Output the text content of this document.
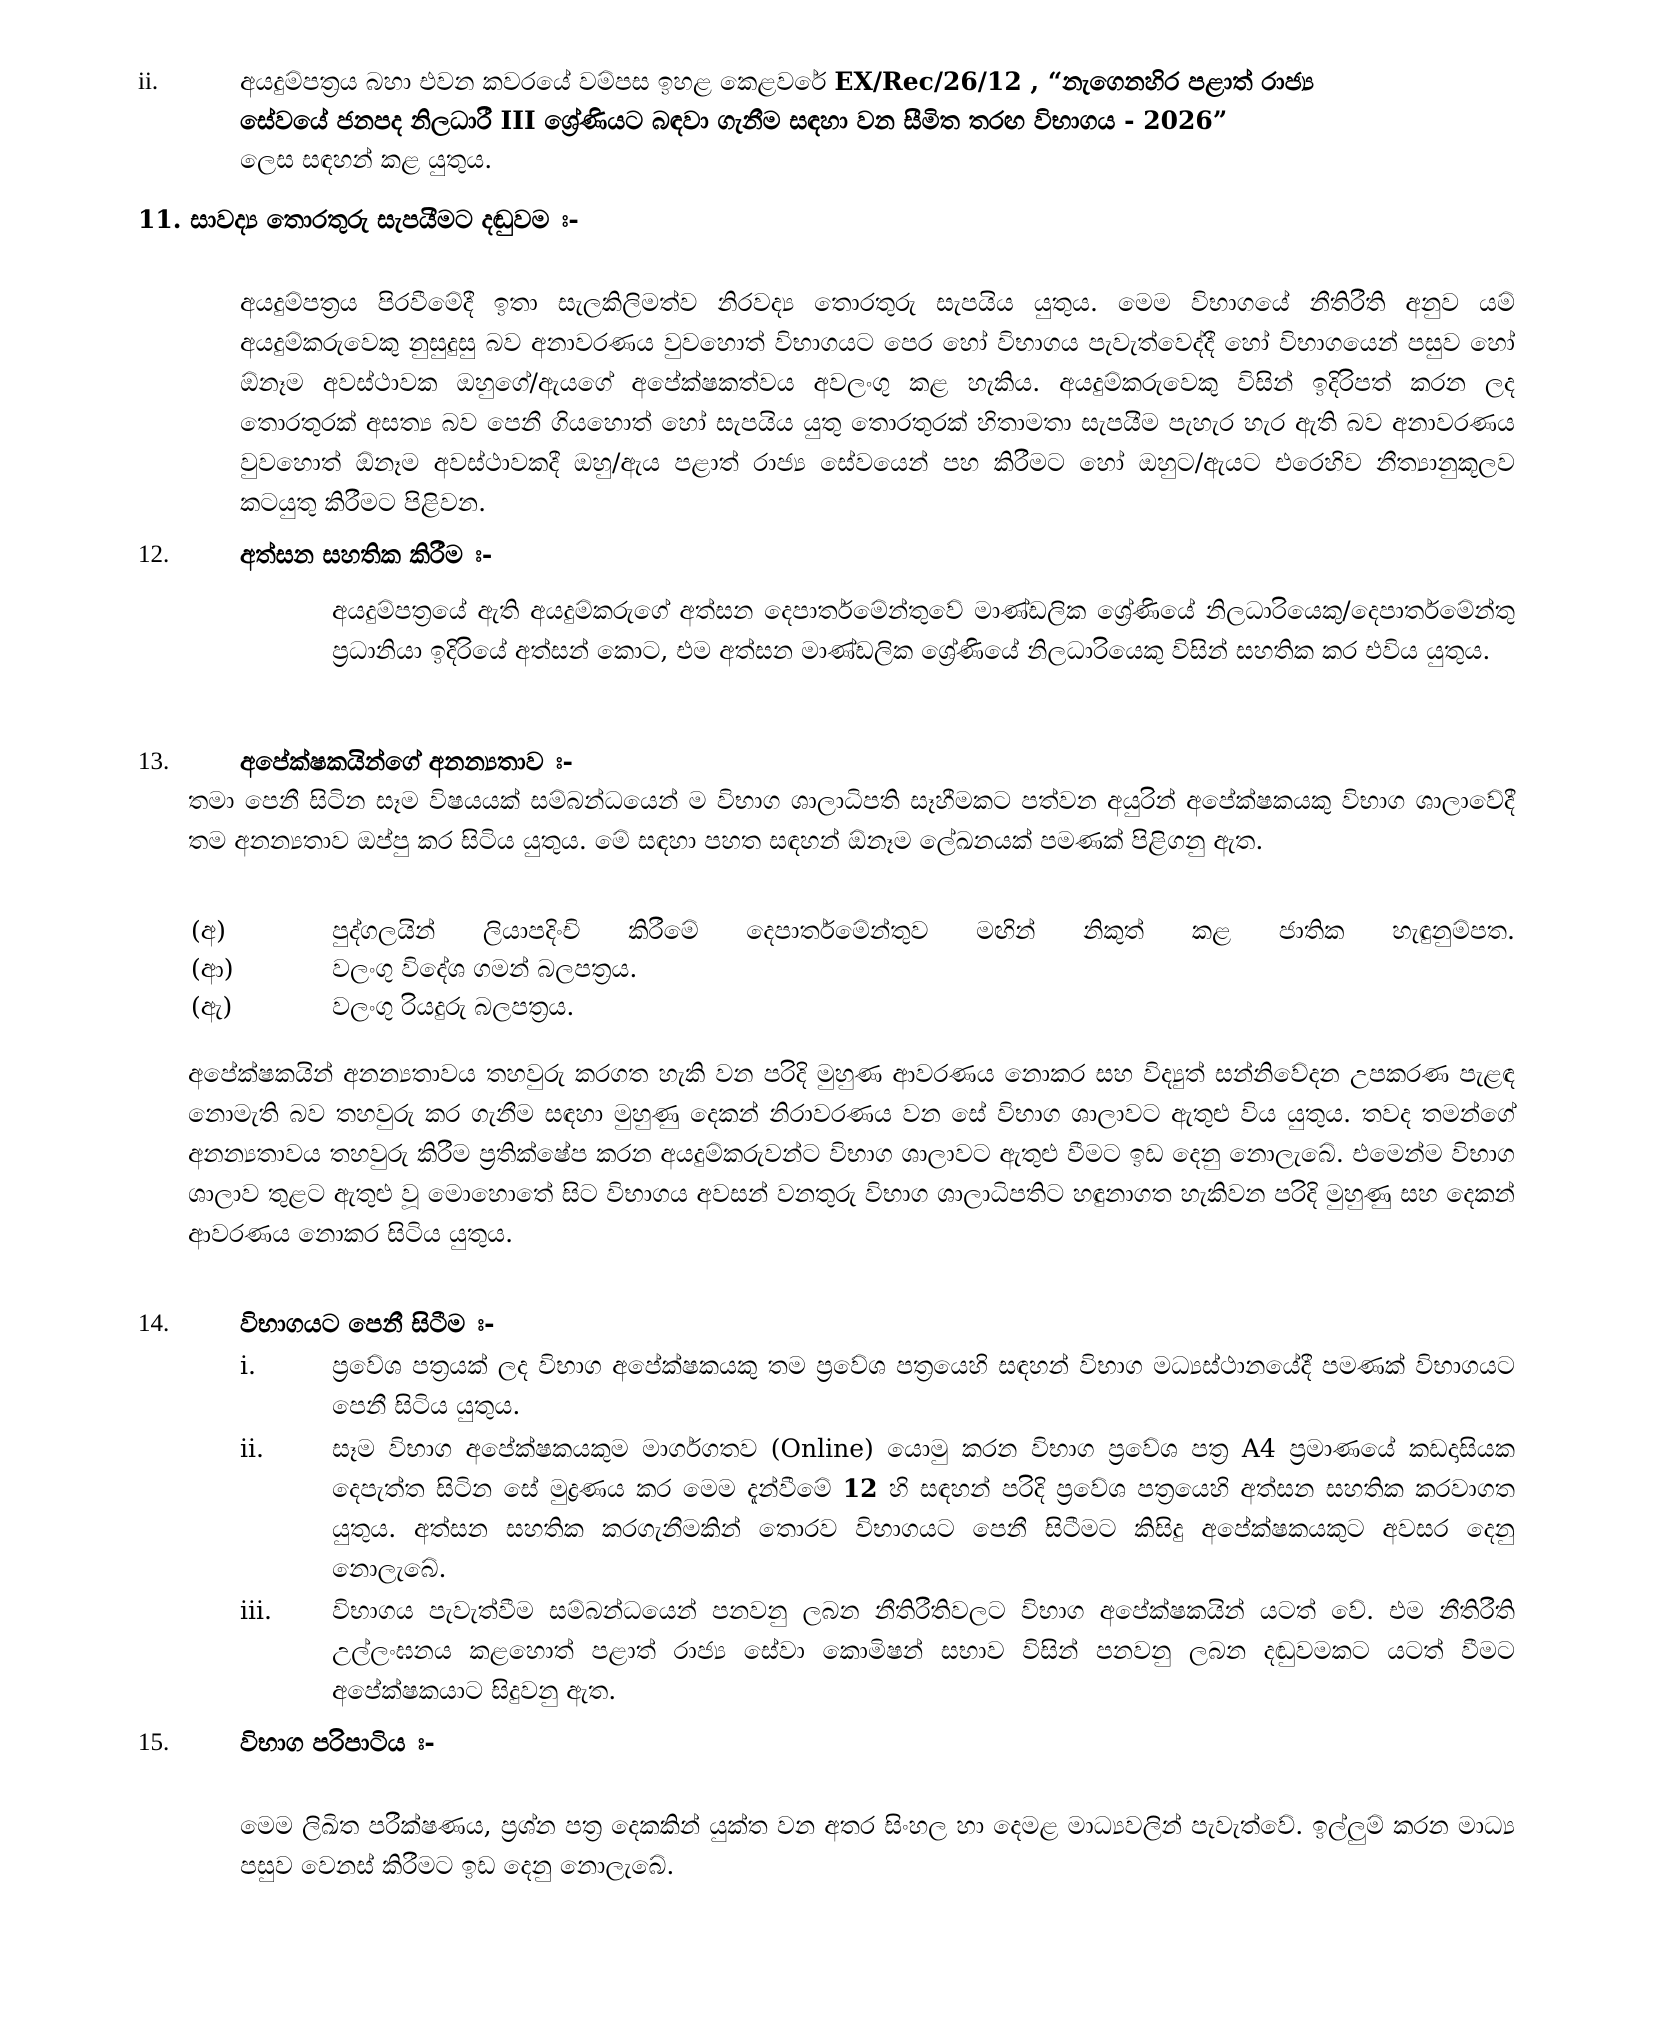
ii.	අයදුම්පත්‍රය බහා එවන කවරයේ වම්පස ඉහළ කෙළවරේ EX/Rec/26/12 , “නැගෙනහිර පළාත් රාජ්‍ය
සේවයේ ජනපද නිලධාරී III ශ්‍රේණියට බඳවා ගැනීම සඳහා වන සීමිත තරඟ විභාගය - 2026”
ලෙස සඳහන් කළ යුතුය.
11. සාවද්‍ය තොරතුරු සැපයීමට දඬුවම ඃ-
අයදුම්පත්‍රය පිරවීමේදී ඉතා සැලකිලිමත්ව නිරවද්‍ය තොරතුරු සැපයිය යුතුය. මෙම විභාගයේ නීතිරීති අනුව යම් අයදුම්කරුවෙකු නුසුදුසු බව අනාවරණය වුවහොත් විභාගයට පෙර හෝ විභාගය පැවැත්වෙද්දී හෝ විභාගයෙන් පසුව හෝ ඕනෑම අවස්ථාවක ඔහුගේ/ඇයගේ අපේක්ෂකත්වය අවලංගු කළ හැකිය. අයදුම්කරුවෙකු විසින් ඉදිරිපත් කරන ලද තොරතුරක් අසත්‍ය බව පෙනී ගියහොත් හෝ සැපයිය යුතු තොරතුරක් හිතාමතා සැපයීම පැහැර හැර ඇති බව අනාවරණය වුවහොත් ඕනෑම අවස්ථාවකදී ඔහු/ඇය පළාත් රාජ්‍ය සේවයෙන් පහ කිරීමට හෝ ඔහුට/ඇයට එරෙහිව නීත්‍යානුකූලව කටයුතු කිරීමට පිළිවන.
12.	අත්සන සහතික කිරීම ඃ-
අයදුම්පත්‍රයේ ඇති අයදුම්කරුගේ අත්සන දෙපාර්තමේන්තුවේ මාණ්ඩලික ශ්‍රේණියේ නිලධාරියෙකු/දෙපාර්තමේන්තු ප්‍රධානියා ඉදිරියේ අත්සන් කොට, එම අත්සන මාණ්ඩලික ශ්‍රේණියේ නිලධාරියෙකු විසින් සහතික කර එවිය යුතුය.
13.	අපේක්ෂකයින්ගේ අනන්‍යතාව ඃ-
තමා පෙනී සිටින සෑම විෂයයක් සම්බන්ධයෙන් ම විභාග ශාලාධිපති සෑහීමකට පත්වන අයුරින් අපේක්ෂකයකු විභාග ශාලාවේදී තම අනන්‍යතාව ඔප්පු කර සිටිය යුතුය. මේ සඳහා පහත සඳහන් ඕනෑම ලේඛනයක් පමණක් පිළිගනු ඇත.
(අ)	පුද්ගලයින් ලියාපදිංචි කිරීමේ දෙපාර්තමේන්තුව මඟින් නිකුත් කළ ජාතික හැඳුනුම්පත.
(ආ)	වලංගු විදේශ ගමන් බලපත්‍රය.
(ඇ)	වලංගු රියදුරු බලපත්‍රය.
අපේක්ෂකයින් අනන්‍යතාවය තහවුරු කරගත හැකි වන පරිදි මුහුණ ආවරණය නොකර සහ විද්‍යුත් සන්නිවේදන උපකරණ පැළඳ නොමැති බව තහවුරු කර ගැනීම සඳහා මුහුණු දෙකන් නිරාවරණය වන සේ විභාග ශාලාවට ඇතුළු විය යුතුය. තවද තමන්ගේ අනන්‍යතාවය තහවුරු කිරීම ප්‍රතික්ෂේප කරන අයදුම්කරුවන්ට විභාග ශාලාවට ඇතුළු වීමට ඉඩ දෙනු නොලැබේ. එමෙන්ම විභාග ශාලාව තුළට ඇතුළු වූ මොහොතේ සිට විභාගය අවසන් වනතුරු විභාග ශාලාධිපතිට හඳුනාගත හැකිවන පරිදි මුහුණු සහ දෙකන් ආවරණය නොකර සිටිය යුතුය.
14.	විභාගයට පෙනී සිටීම ඃ-
i.	ප්‍රවේශ පත්‍රයක් ලද විභාග අපේක්ෂකයකු තම ප්‍රවේශ පත්‍රයෙහි සඳහන් විභාග මධ්‍යස්ථානයේදී පමණක් විභාගයට පෙනී සිටිය යුතුය.
ii.	සෑම විභාග අපේක්ෂකයකුම මාර්ගගතව (Online) යොමු කරන විභාග ප්‍රවේශ පත්‍ර A4 ප්‍රමාණයේ කඩදාසියක දෙපැත්ත සිටින සේ මුද්‍රණය කර මෙම දැන්වීමේ 12 හි සඳහන් පරිදි ප්‍රවේශ පත්‍රයෙහි අත්සන සහතික කරවාගත යුතුය. අත්සන සහතික කරගැනීමකින් තොරව විභාගයට පෙනී සිටීමට කිසිදු අපේක්ෂකයකුට අවසර දෙනු නොලැබේ.
iii. විභාගය පැවැත්වීම සම්බන්ධයෙන් පනවනු ලබන නීතිරීතිවලට විභාග අපේක්ෂකයින් යටත් වේ. එම නීතිරීති උල්ලංඝනය කළහොත් පළාත් රාජ්‍ය සේවා කොමිෂන් සභාව විසින් පනවනු ලබන දඬුවමකට යටත් වීමට අපේක්ෂකයාට සිදුවනු ඇත.
15.	විභාග පරිපාටිය ඃ-
මෙම ලිඛිත පරීක්ෂණය, ප්‍රශ්න පත්‍ර දෙකකින් යුක්ත වන අතර සිංහල හා දෙමළ මාධ්‍යවලින් පැවැත්වේ. ඉල්ලුම් කරන මාධ්‍ය පසුව වෙනස් කිරීමට ඉඩ දෙනු නොලැබේ.
